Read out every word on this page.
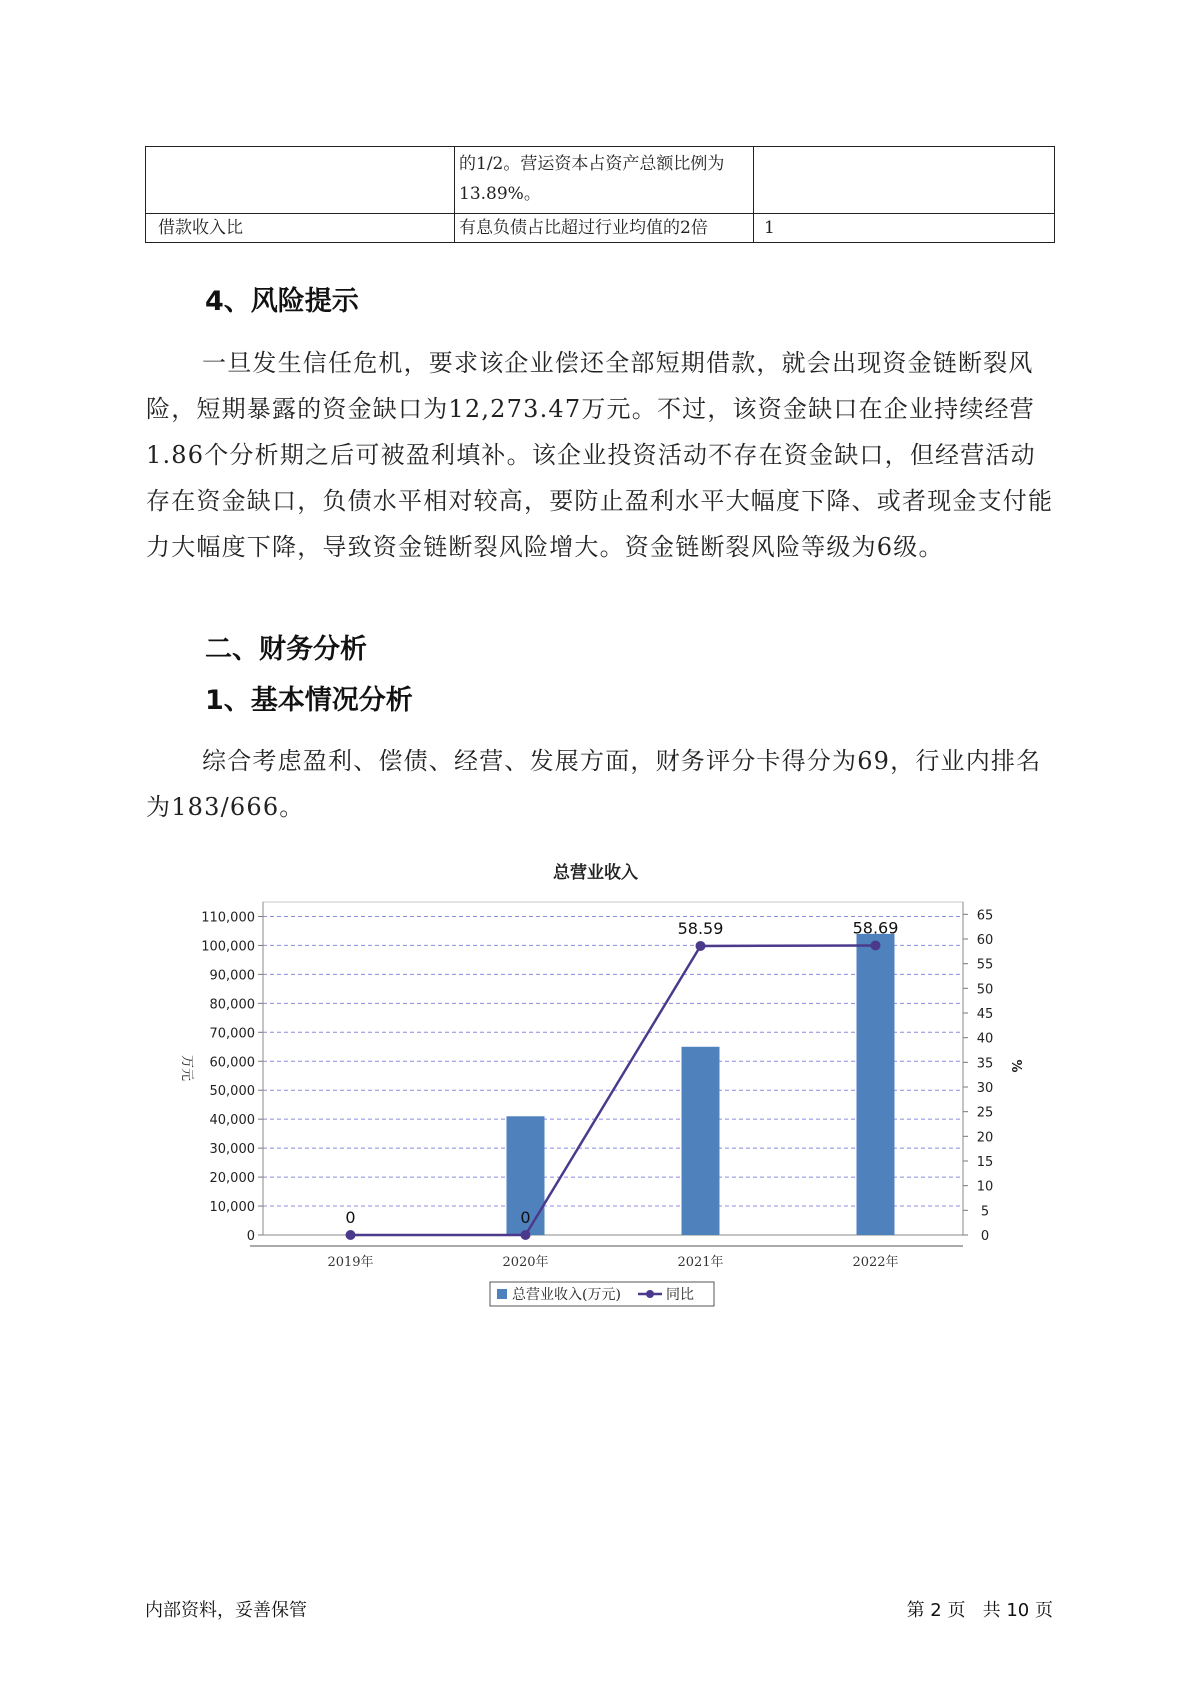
	的1/2。营运资本占资产总额比例为13.89%。	
借款收入比	有息负债占比超过行业均值的2倍	1
4、风险提示

一旦发生信任危机，要求该企业偿还全部短期借款，就会出现资金链断裂风险，短期暴露的资金缺口为12,273.47万元。不过，该资金缺口在企业持续经营 1.86个分析期之后可被盈利填补。该企业投资活动不存在资金缺口，但经营活动存在资金缺口，负债水平相对较高，要防止盈利水平大幅度下降、或者现金支付能力大幅度下降，导致资金链断裂风险增大。资金链断裂风险等级为6级。

二、财务分析
1、基本情况分析

综合考虑盈利、偿债、经营、发展方面，财务评分卡得分为69，行业内排名为183/666。

总营业收入
0
10,000
20,000
30,000
40,000
50,000
60,000
70,000
80,000
90,000
100,000
110,000
0
5
10
15
20
25
30
35
40
45
50
55
60
65
万元	%
2019年	2020年	2021年	2022年
0	0
58.59	58.69
总营业收入(万元)	同比
内部资料，妥善保管	第 2 页   共 10 页
